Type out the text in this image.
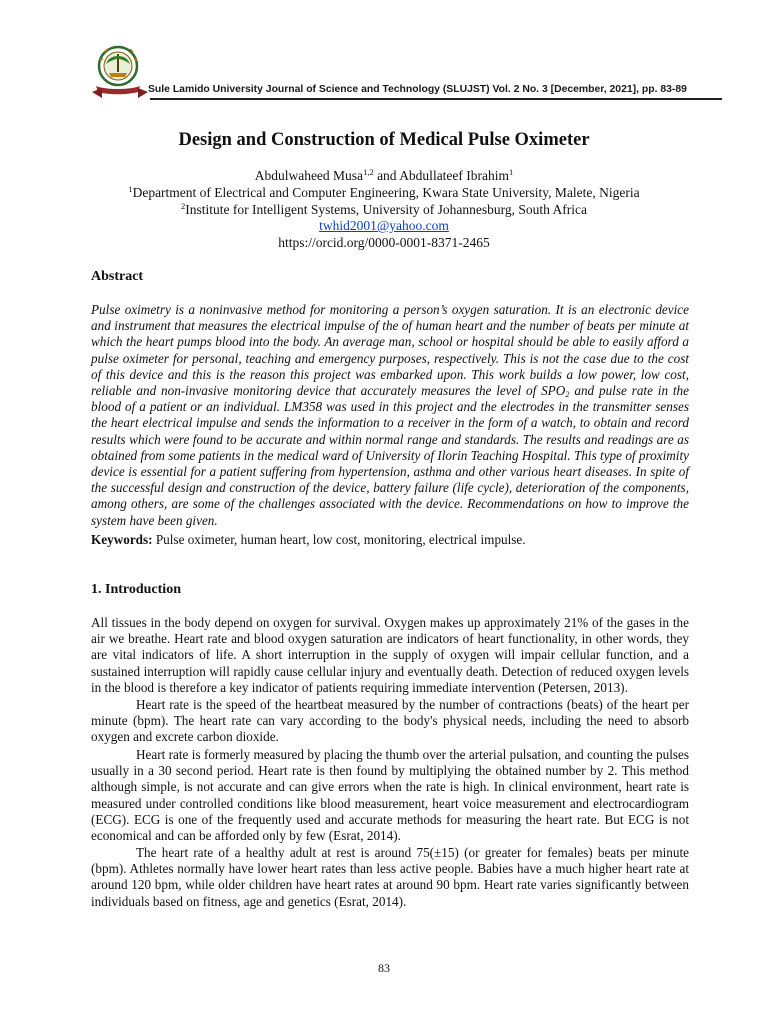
Sule Lamido University Journal of Science and Technology (SLUJST) Vol. 2 No. 3 [December, 2021], pp. 83-89
Design and Construction of Medical Pulse Oximeter
Abdulwaheed Musa$^{1,2}$ and Abdullateef Ibrahim$^1$
$^1$Department of Electrical and Computer Engineering, Kwara State University, Malete, Nigeria
$^2$Institute for Intelligent Systems, University of Johannesburg, South Africa
twhid2001@yahoo.com
https://orcid.org/0000-0001-8371-2465
Abstract
Pulse oximetry is a noninvasive method for monitoring a person’s oxygen saturation. It is an electronic device and instrument that measures the electrical impulse of the of human heart and the number of beats per minute at which the heart pumps blood into the body. An average man, school or hospital should be able to easily afford a pulse oximeter for personal, teaching and emergency purposes, respectively. This is not the case due to the cost of this device and this is the reason this project was embarked upon. This work builds a low power, low cost, reliable and non-invasive monitoring device that accurately measures the level of $SPO_2$ and pulse rate in the blood of a patient or an individual. LM358 was used in this project and the electrodes in the transmitter senses the heart electrical impulse and sends the information to a receiver in the form of a watch, to obtain and record results which were found to be accurate and within normal range and standards. The results and readings are as obtained from some patients in the medical ward of University of Ilorin Teaching Hospital. This type of proximity device is essential for a patient suffering from hypertension, asthma and other various heart diseases. In spite of the successful design and construction of the device, battery failure (life cycle), deterioration of the components, among others, are some of the challenges associated with the device. Recommendations on how to improve the system have been given.
Keywords: Pulse oximeter, human heart, low cost, monitoring, electrical impulse.
1. Introduction
All tissues in the body depend on oxygen for survival. Oxygen makes up approximately 21% of the gases in the air we breathe. Heart rate and blood oxygen saturation are indicators of heart functionality, in other words, they are vital indicators of life. A short interruption in the supply of oxygen will impair cellular function, and a sustained interruption will rapidly cause cellular injury and eventually death. Detection of reduced oxygen levels in the blood is therefore a key indicator of patients requiring immediate intervention (Petersen, 2013).
Heart rate is the speed of the heartbeat measured by the number of contractions (beats) of the heart per minute (bpm). The heart rate can vary according to the body's physical needs, including the need to absorb oxygen and excrete carbon dioxide.
Heart rate is formerly measured by placing the thumb over the arterial pulsation, and counting the pulses usually in a 30 second period. Heart rate is then found by multiplying the obtained number by 2. This method although simple, is not accurate and can give errors when the rate is high. In clinical environment, heart rate is measured under controlled conditions like blood measurement, heart voice measurement and electrocardiogram (ECG). ECG is one of the frequently used and accurate methods for measuring the heart rate. But ECG is not economical and can be afforded only by few (Esrat, 2014).
The heart rate of a healthy adult at rest is around 75(±15) (or greater for females) beats per minute (bpm). Athletes normally have lower heart rates than less active people. Babies have a much higher heart rate at around 120 bpm, while older children have heart rates at around 90 bpm. Heart rate varies significantly between individuals based on fitness, age and genetics (Esrat, 2014).
83
